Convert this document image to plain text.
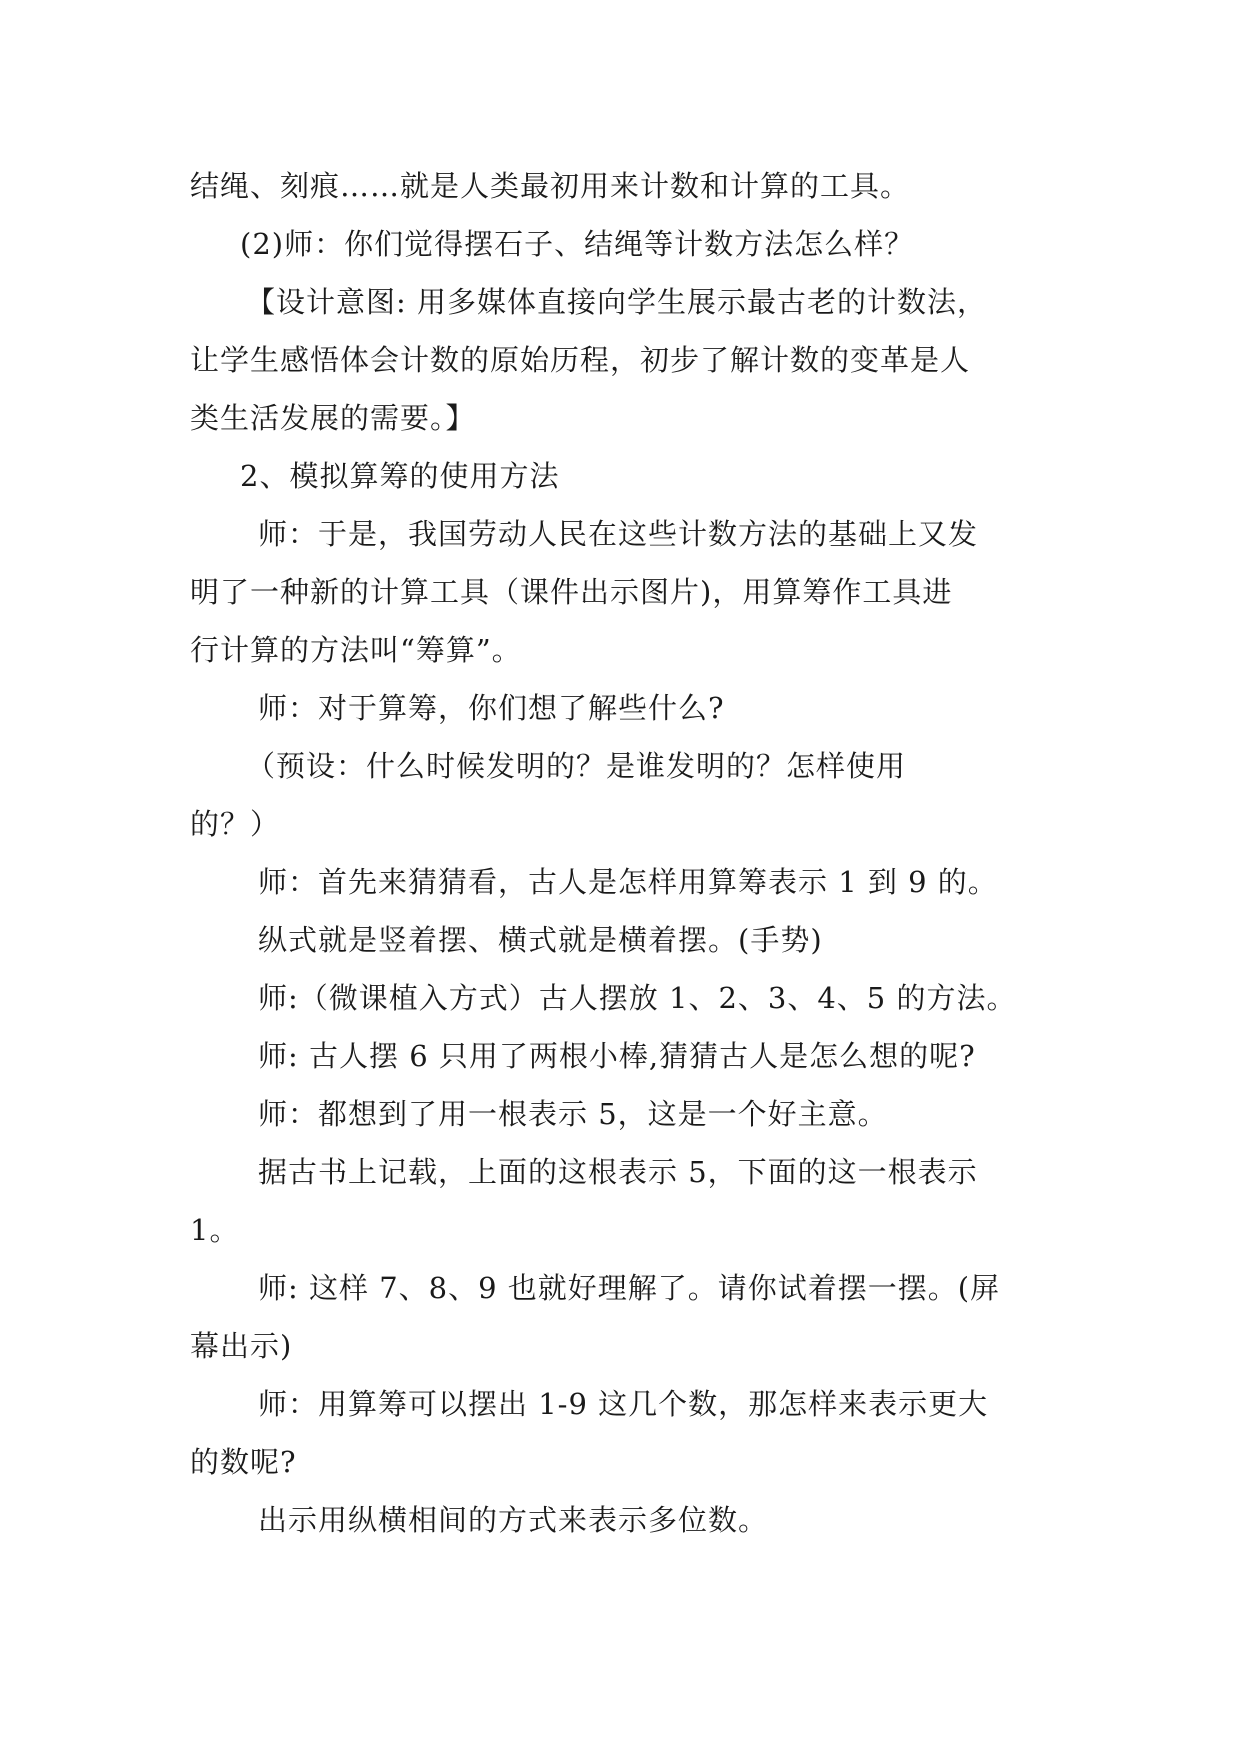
结绳、刻痕……就是人类最初用来计数和计算的工具。
(2)师：你们觉得摆石子、结绳等计数方法怎么样？
【设计意图: 用多媒体直接向学生展示最古老的计数法，
让学生感悟体会计数的原始历程，初步了解计数的变革是人
类生活发展的需要。】
2、模拟算筹的使用方法
师：于是，我国劳动人民在这些计数方法的基础上又发
明了一种新的计算工具（课件出示图片)，用算筹作工具进
行计算的方法叫“筹算”。
师：对于算筹，你们想了解些什么?
（预设：什么时候发明的？是谁发明的？怎样使用
的？）
师：首先来猜猜看，古人是怎样用算筹表示 1 到 9 的。
纵式就是竖着摆、横式就是横着摆。(手势)
师:（微课植入方式）古人摆放 1、2、3、4、5 的方法。
师: 古人摆 6 只用了两根小棒,猜猜古人是怎么想的呢?
师：都想到了用一根表示 5，这是一个好主意。
据古书上记载，上面的这根表示 5，下面的这一根表示
1。
师: 这样 7、8、9 也就好理解了。请你试着摆一摆。(屏
幕出示)
师：用算筹可以摆出 1-9 这几个数，那怎样来表示更大
的数呢?
出示用纵横相间的方式来表示多位数。
